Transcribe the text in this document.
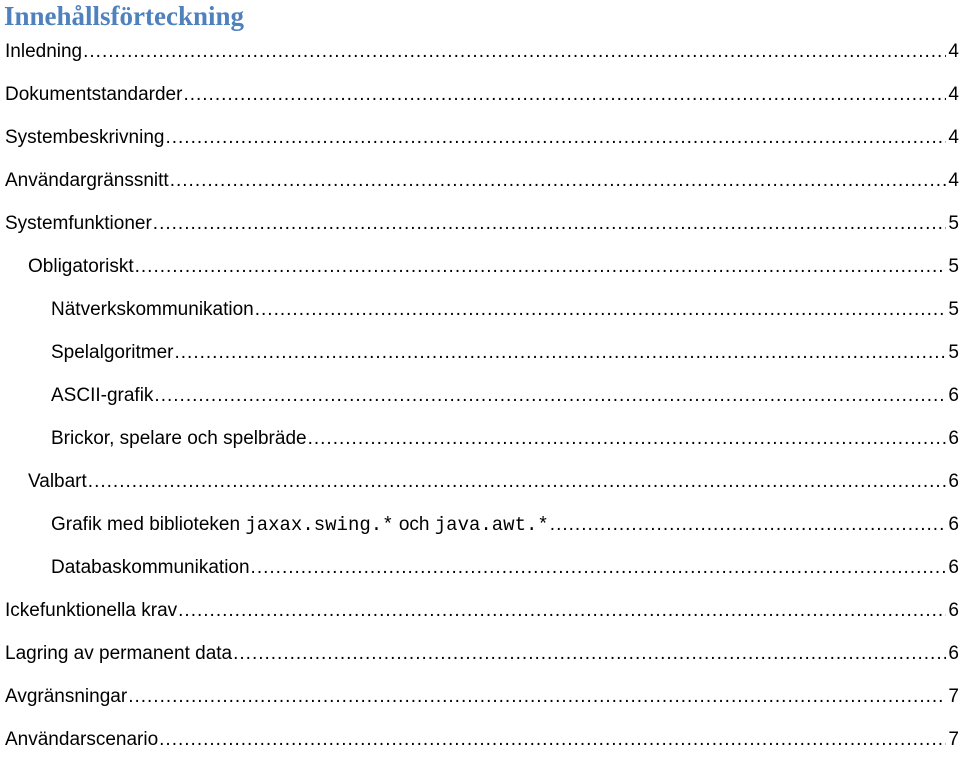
Innehållsförteckning
Inledning .....	4
Dokumentstandarder .....	4
Systembeskrivning .....	4
Användargränssnitt .....	4
Systemfunktioner .....	5
Obligatoriskt .....	5
Nätverkskommunikation .....	5
Spelalgoritmer .....	5
ASCII-grafik .....	6
Brickor, spelare och spelbräde .....	6
Valbart .....	6
Grafik med biblioteken jaxax.swing.* och java.awt.* .....	6
Databaskommunikation .....	6
Ickefunktionella krav .....	6
Lagring av permanent data .....	6
Avgränsningar .....	7
Användarscenario .....	7
